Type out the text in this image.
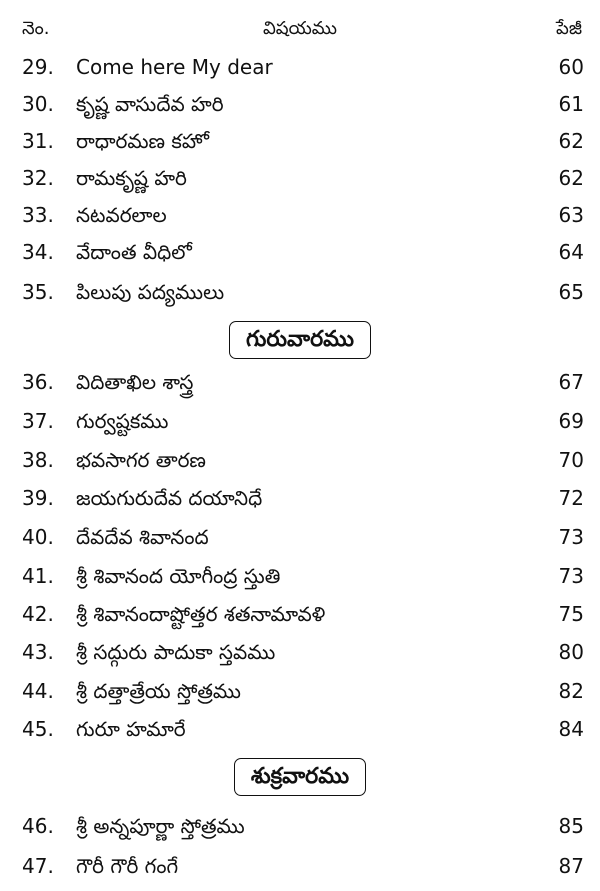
నెం.	విషయము	పేజీ
29.	Come here My dear	60
30.	కృష్ణ వాసుదేవ హరి	61
31.	రాధారమణ కహో	62
32.	రామకృష్ణ హరి	62
33.	నటవరలాల	63
34.	వేదాంత వీధిలో	64
35.	పిలుపు పద్యములు	65
గురువారము
36.	విదితాఖిల శాస్త్ర	67
37.	గుర్వష్టకము	69
38.	భవసాగర తారణ	70
39.	జయగురుదేవ దయానిధే	72
40.	దేవదేవ శివానంద	73
41.	శ్రీ శివానంద యోగీంద్ర స్తుతి	73
42.	శ్రీ శివానందాష్టోత్తర శతనామావళి	75
43.	శ్రీ సద్గురు పాదుకా స్తవము	80
44.	శ్రీ దత్తాత్రేయ స్తోత్రము	82
45.	గురూ హమారే	84
శుక్రవారము
46.	శ్రీ అన్నపూర్ణా స్తోత్రము	85
47.	గౌరీ గౌరీ గంగే	87
